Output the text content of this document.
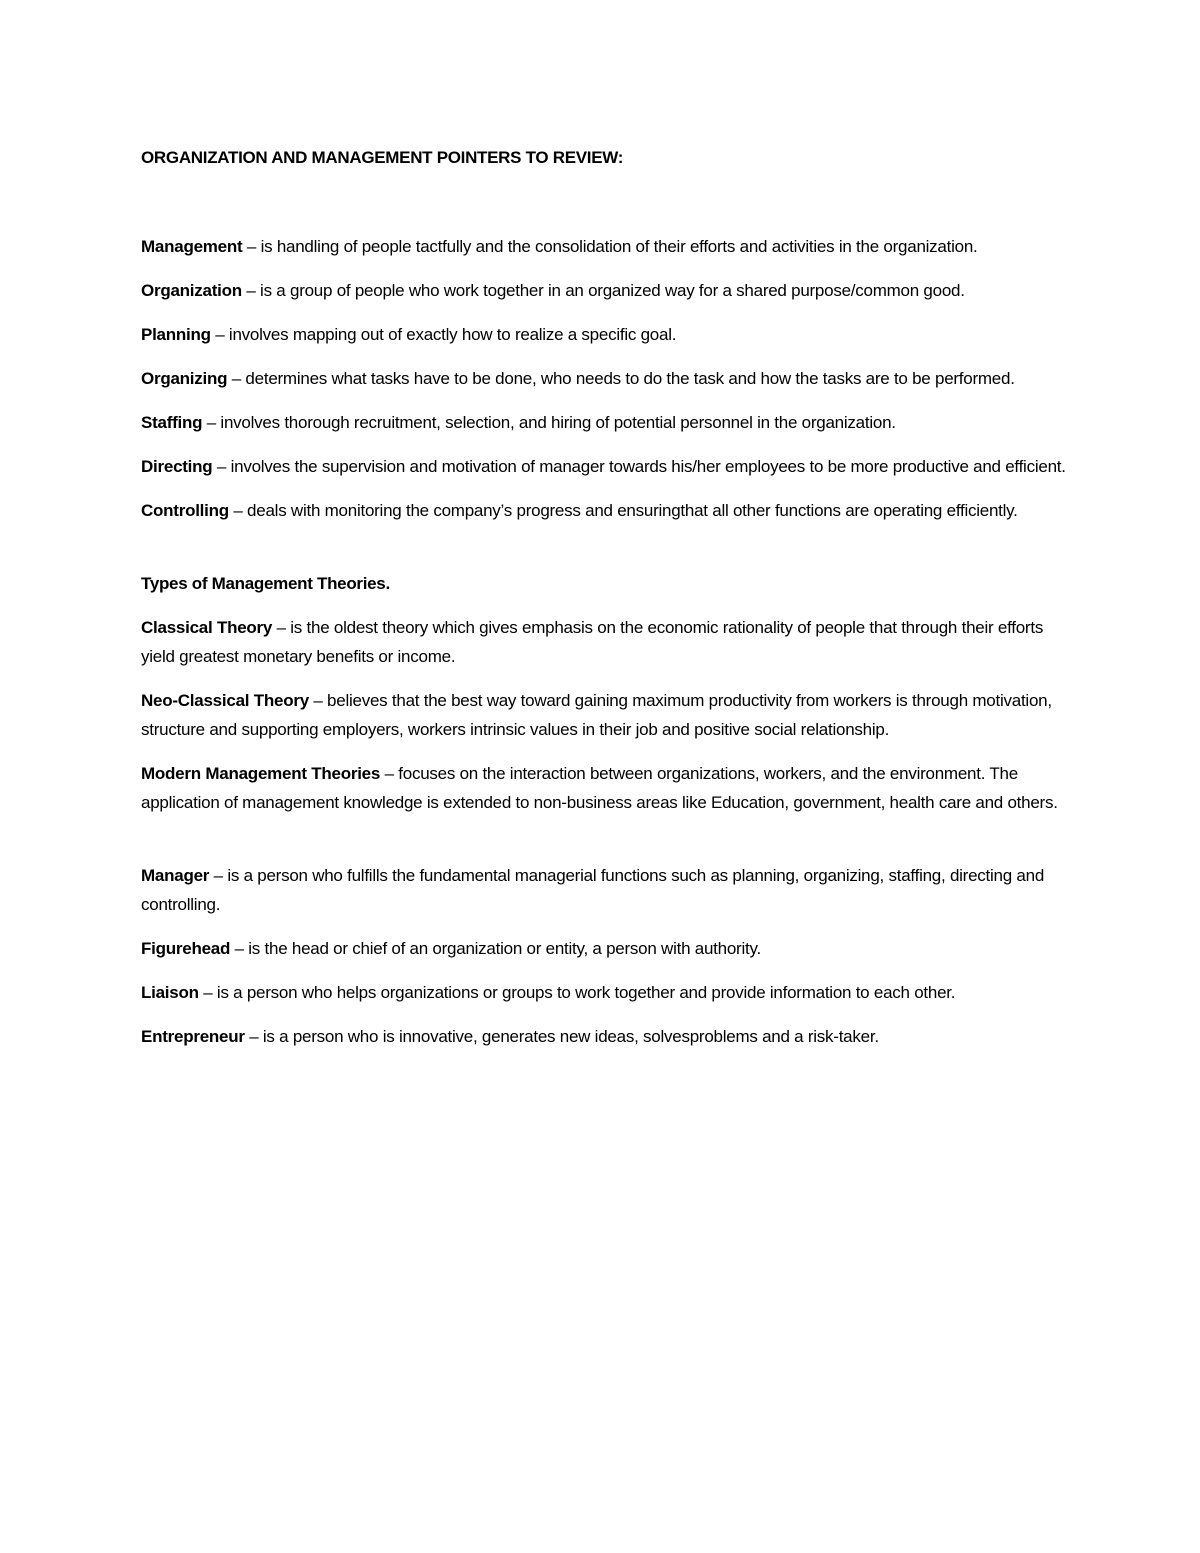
ORGANIZATION AND MANAGEMENT POINTERS TO REVIEW:

Management – is handling of people tactfully and the consolidation of their efforts and activities in the organization.

Organization – is a group of people who work together in an organized way for a shared purpose/common good.

Planning – involves mapping out of exactly how to realize a specific goal.

Organizing – determines what tasks have to be done, who needs to do the task and how the tasks are to be performed.

Staffing – involves thorough recruitment, selection, and hiring of potential personnel in the organization.

Directing – involves the supervision and motivation of manager towards his/her employees to be more productive and efficient.

Controlling – deals with monitoring the company’s progress and ensuringthat all other functions are operating efficiently.

Types of Management Theories.

Classical Theory – is the oldest theory which gives emphasis on the economic rationality of people that through their efforts yield greatest monetary benefits or income.

Neo-Classical Theory – believes that the best way toward gaining maximum productivity from workers is through motivation, structure and supporting employers, workers intrinsic values in their job and positive social relationship.

Modern Management Theories – focuses on the interaction between organizations, workers, and the environment. The application of management knowledge is extended to non-business areas like Education, government, health care and others.

Manager – is a person who fulfills the fundamental managerial functions such as planning, organizing, staffing, directing and controlling.

Figurehead – is the head or chief of an organization or entity, a person with authority.

Liaison – is a person who helps organizations or groups to work together and provide information to each other.

Entrepreneur – is a person who is innovative, generates new ideas, solvesproblems and a risk-taker.
